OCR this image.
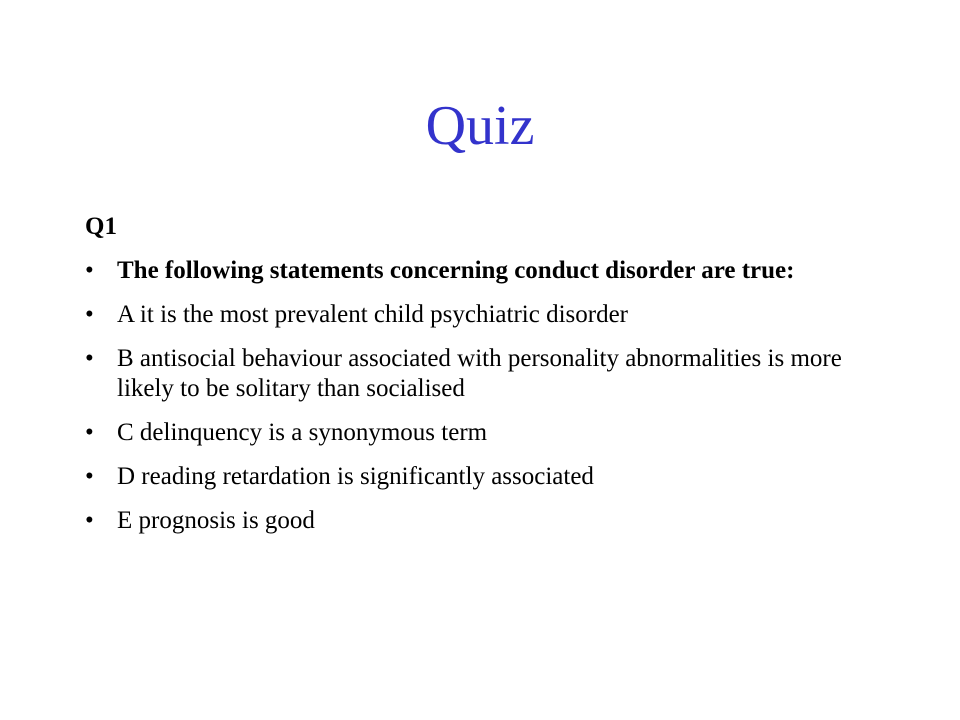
Quiz
Q1
• The following statements concerning conduct disorder are true:
• A it is the most prevalent child psychiatric disorder
• B antisocial behaviour associated with personality abnormalities is more likely to be solitary than socialised
• C delinquency is a synonymous term
• D reading retardation is significantly associated
• E prognosis is good
